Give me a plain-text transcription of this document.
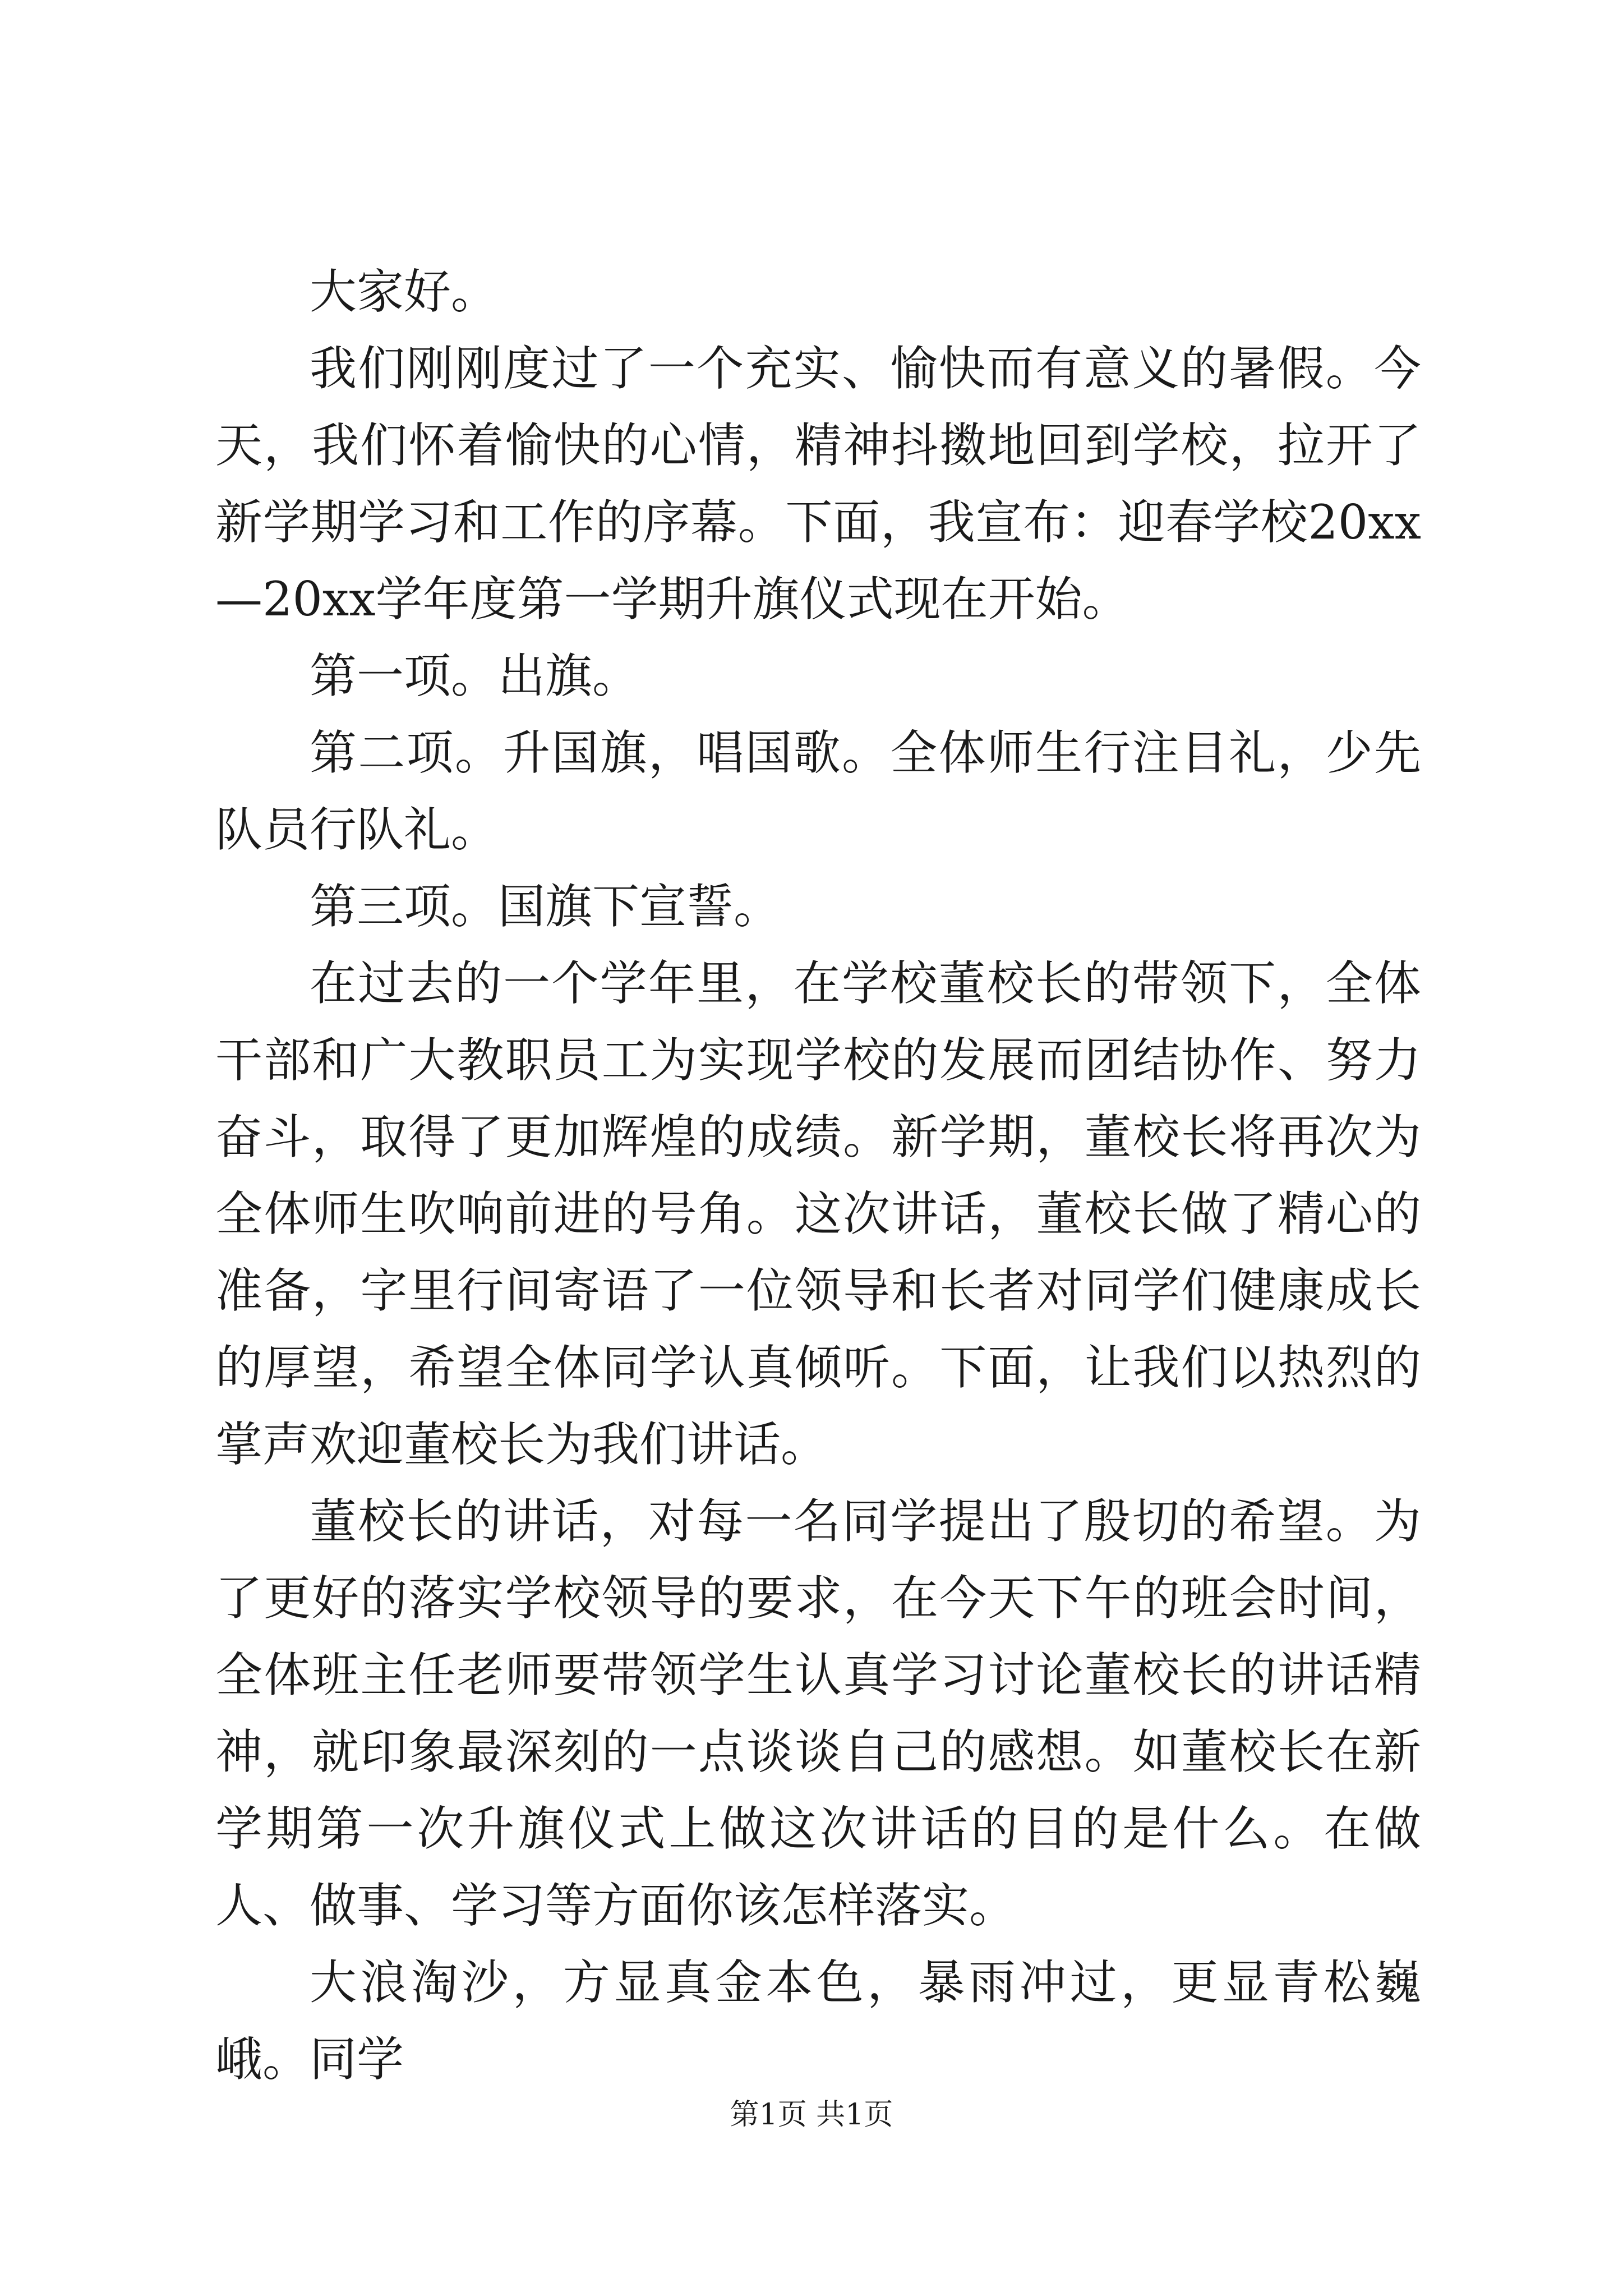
大家好。

我们刚刚度过了一个充实、愉快而有意义的暑假。今天，我们怀着愉快的心情，精神抖擞地回到学校，拉开了新学期学习和工作的序幕。下面，我宣布：迎春学校20xx—20xx学年度第一学期升旗仪式现在开始。

第一项。出旗。

第二项。升国旗，唱国歌。全体师生行注目礼，少先队员行队礼。

第三项。国旗下宣誓。

在过去的一个学年里，在学校董校长的带领下，全体干部和广大教职员工为实现学校的发展而团结协作、努力奋斗，取得了更加辉煌的成绩。新学期，董校长将再次为全体师生吹响前进的号角。这次讲话，董校长做了精心的准备，字里行间寄语了一位领导和长者对同学们健康成长的厚望，希望全体同学认真倾听。下面，让我们以热烈的掌声欢迎董校长为我们讲话。

董校长的讲话，对每一名同学提出了殷切的希望。为了更好的落实学校领导的要求，在今天下午的班会时间，全体班主任老师要带领学生认真学习讨论董校长的讲话精神，就印象最深刻的一点谈谈自己的感想。如董校长在新学期第一次升旗仪式上做这次讲话的目的是什么。在做人、做事、学习等方面你该怎样落实。

大浪淘沙，方显真金本色，暴雨冲过，更显青松巍峨。同学

第1页 共1页
